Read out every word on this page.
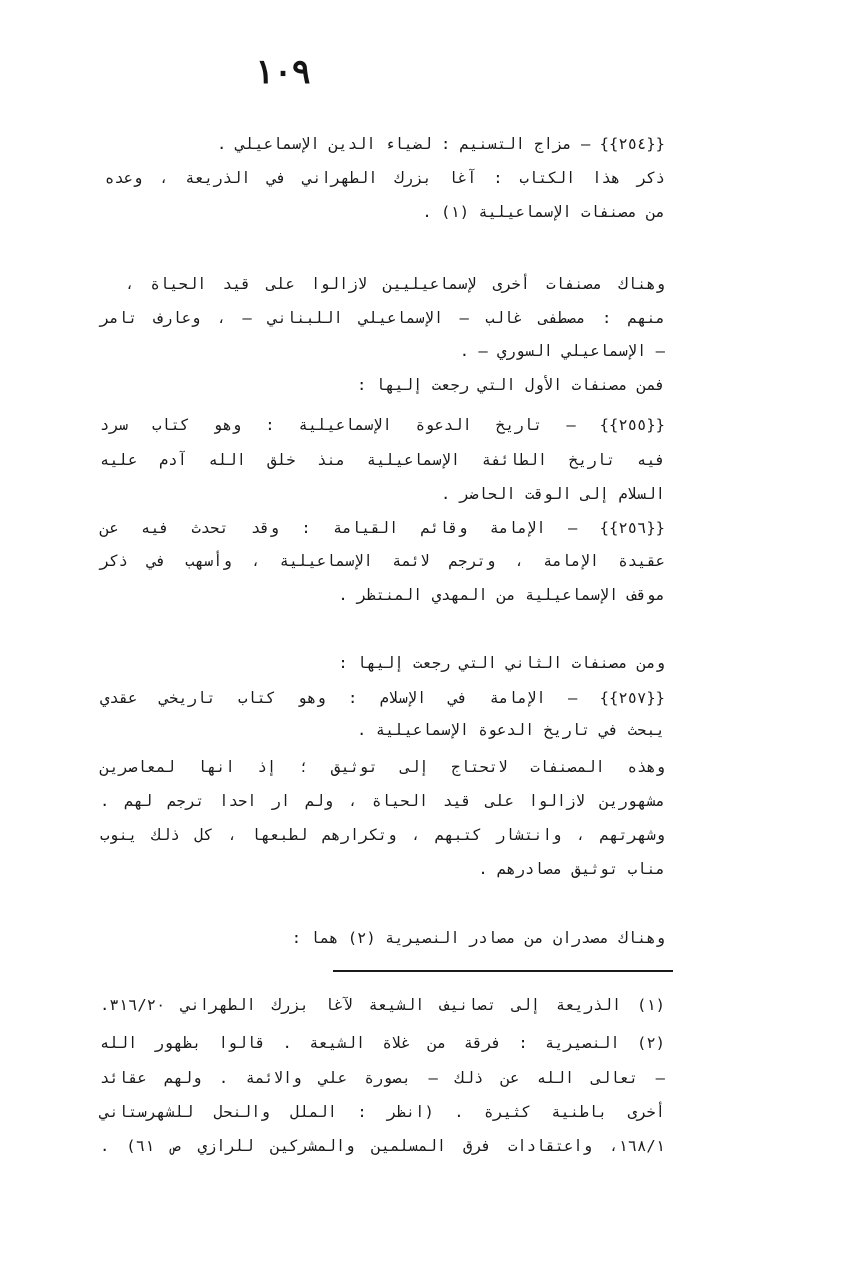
١٠٩
{{٢٥٤}} – مزاج التسنيم : لضياء الدين الإسماعيلي .
ذكر هذا الكتاب : آغا بزرك الطهراني في الذريعة ، وعده
من مصنفات الإسماعيلية (١) .
وهناك مصنفات أخرى لإسماعيليين لازالوا على قيد الحياة ،
منهم : مصطفى غالب – الإسماعيلي اللبناني – ، وعارف تامر
– الإسماعيلي السوري – .
فمن مصنفات الأول التي رجعت إليها :
{{٢٥٥}} – تاريخ الدعوة الإسماعيلية : وهو كتاب سرد
فيه تاريخ الطائفة الإسماعيلية منذ خلق الله آدم عليه
السلام إلى الوقت الحاضر .
{{٢٥٦}} – الإمامة وقائم القيامة : وقد تحدث فيه عن
عقيدة الإمامة ، وترجم لائمة الإسماعيلية ، وأسهب في ذكر
موقف الإسماعيلية من المهدي المنتظر .
ومن مصنفات الثاني التي رجعت إليها :
{{٢٥٧}} – الإمامة في الإسلام : وهو كتاب تاريخي عقدي
يبحث في تاريخ الدعوة الإسماعيلية .
وهذه المصنفات لاتحتاج إلى توثيق ؛ إذ انها لمعاصرين
مشهورين لازالوا على قيد الحياة ، ولم ار احدا ترجم لهم .
وشهرتهم ، وانتشار كتبهم ، وتكرارهم لطبعها ، كل ذلك ينوب
مناب توثيق مصادرهم .
وهناك مصدران من مصادر النصيرية (٢) هما :
(١) الذريعة إلى تصانيف الشيعة لآغا بزرك الطهراني ٣١٦/٢٠.
(٢) النصيرية : فرقة من غلاة الشيعة . قالوا بظهور الله
– تعالى الله عن ذلك – بصورة علي والائمة . ولهم عقائد
أخرى باطنية كثيرة . (انظر : الملل والنحل للشهرستاني
١٦٨/١، واعتقادات فرق المسلمين والمشركين للرازي ص ٦١) .
